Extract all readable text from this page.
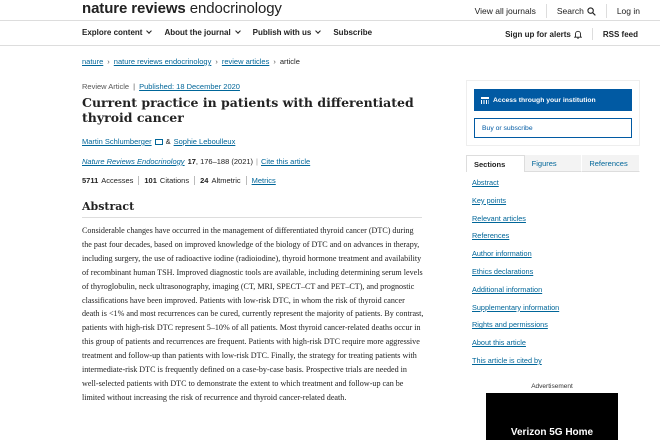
nature reviews endocrinology	View all journals	Search	Log in
Explore content	About the journal	Publish with us	Subscribe	Sign up for alerts	RSS feed
nature › nature reviews endocrinology › review articles › article
Review Article | Published: 18 December 2020
Current practice in patients with differentiated thyroid cancer
Martin Schlumberger & Sophie Leboulleux
Nature Reviews Endocrinology 17 , 176–188 (2021) | Cite this article
5711 Accesses 101 Citations 24 Altmetric Metrics
Abstract

Considerable changes have occurred in the management of differentiated thyroid cancer (DTC) during the past four decades, based on improved knowledge of the biology of DTC and on advances in therapy, including surgery, the use of radioactive iodine (radioiodine), thyroid hormone treatment and availability of recombinant human TSH. Improved diagnostic tools are available, including determining serum levels of thyroglobulin, neck ultrasonography, imaging (CT, MRI, SPECT–CT and PET–CT), and prognostic classifications have been improved. Patients with low-risk DTC, in whom the risk of thyroid cancer death is <1% and most recurrences can be cured, currently represent the majority of patients. By contrast, patients with high-risk DTC represent 5–10% of all patients. Most thyroid cancer-related deaths occur in this group of patients and recurrences are frequent. Patients with high-risk DTC require more aggressive treatment and follow-up than patients with low-risk DTC. Finally, the strategy for treating patients with intermediate-risk DTC is frequently defined on a case-by-case basis. Prospective trials are needed in well-selected patients with DTC to demonstrate the extent to which treatment and follow-up can be limited without increasing the risk of recurrence and thyroid cancer-related death.

Access through your institution
Buy or subscribe
Sections	Figures	References
Abstract
Key points
Relevant articles
References
Author information
Ethics declarations
Additional information
Supplementary information
Rights and permissions
About this article
This article is cited by
Advertisement
Verizon 5G Home
